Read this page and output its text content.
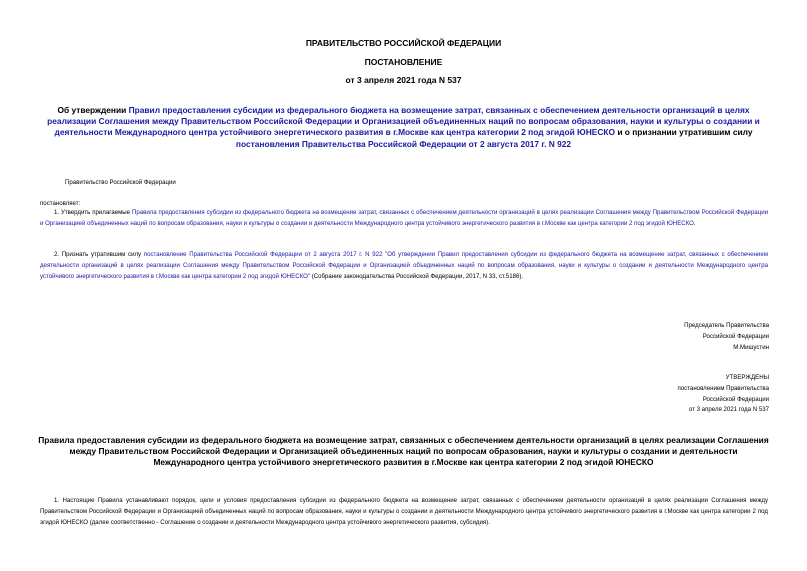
ПРАВИТЕЛЬСТВО РОССИЙСКОЙ ФЕДЕРАЦИИ
ПОСТАНОВЛЕНИЕ
от 3 апреля 2021 года N 537
Об утверждении Правил предоставления субсидии из федерального бюджета на возмещение затрат, связанных с обеспечением деятельности организаций в целях реализации Соглашения между Правительством Российской Федерации и Организацией объединенных наций по вопросам образования, науки и культуры о создании и деятельности Международного центра устойчивого энергетического развития в г.Москве как центра категории 2 под эгидой ЮНЕСКО и о признании утратившим силу постановления Правительства Российской Федерации от 2 августа 2017 г. N 922
Правительство Российской Федерации
постановляет:
1. Утвердить прилагаемые Правила предоставления субсидии из федерального бюджета на возмещение затрат, связанных с обеспечением деятельности организаций в целях реализации Соглашения между Правительством Российской Федерации и Организацией объединенных наций по вопросам образования, науки и культуры о создании и деятельности Международного центра устойчивого энергетического развития в г.Москве как центра категории 2 под эгидой ЮНЕСКО.
2. Признать утратившим силу постановление Правительства Российской Федерации от 2 августа 2017 г. N 922 "Об утверждении Правил предоставления субсидии из федерального бюджета на возмещение затрат, связанных с обеспечением деятельности организаций в целях реализации Соглашения между Правительством Российской Федерации и Организацией объединенных наций по вопросам образования, науки и культуры о создании и деятельности Международного центра устойчивого энергетического развития в г.Москве как центра категории 2 под эгидой ЮНЕСКО" (Собрание законодательства Российской Федерации, 2017, N 33, ст.5186).
Председатель Правительства
Российской Федерации
М.Мишустин
УТВЕРЖДЕНЫ
постановлением Правительства
Российской Федерации
от 3 апреля 2021 года N 537
Правила предоставления субсидии из федерального бюджета на возмещение затрат, связанных с обеспечением деятельности организаций в целях реализации Соглашения между Правительством Российской Федерации и Организацией объединенных наций по вопросам образования, науки и культуры о создании и деятельности Международного центра устойчивого энергетического развития в г.Москве как центра категории 2 под эгидой ЮНЕСКО
1. Настоящие Правила устанавливают порядок, цели и условия предоставления субсидии из федерального бюджета на возмещение затрат, связанных с обеспечением деятельности организаций в целях реализации Соглашения между Правительством Российской Федерации и Организацией объединенных наций по вопросам образования, науки и культуры о создании и деятельности Международного центра устойчивого энергетического развития в г.Москве как центра категории 2 под эгидой ЮНЕСКО (далее соответственно - Соглашение о создании и деятельности Международного центра устойчивого энергетического развития, субсидия).
